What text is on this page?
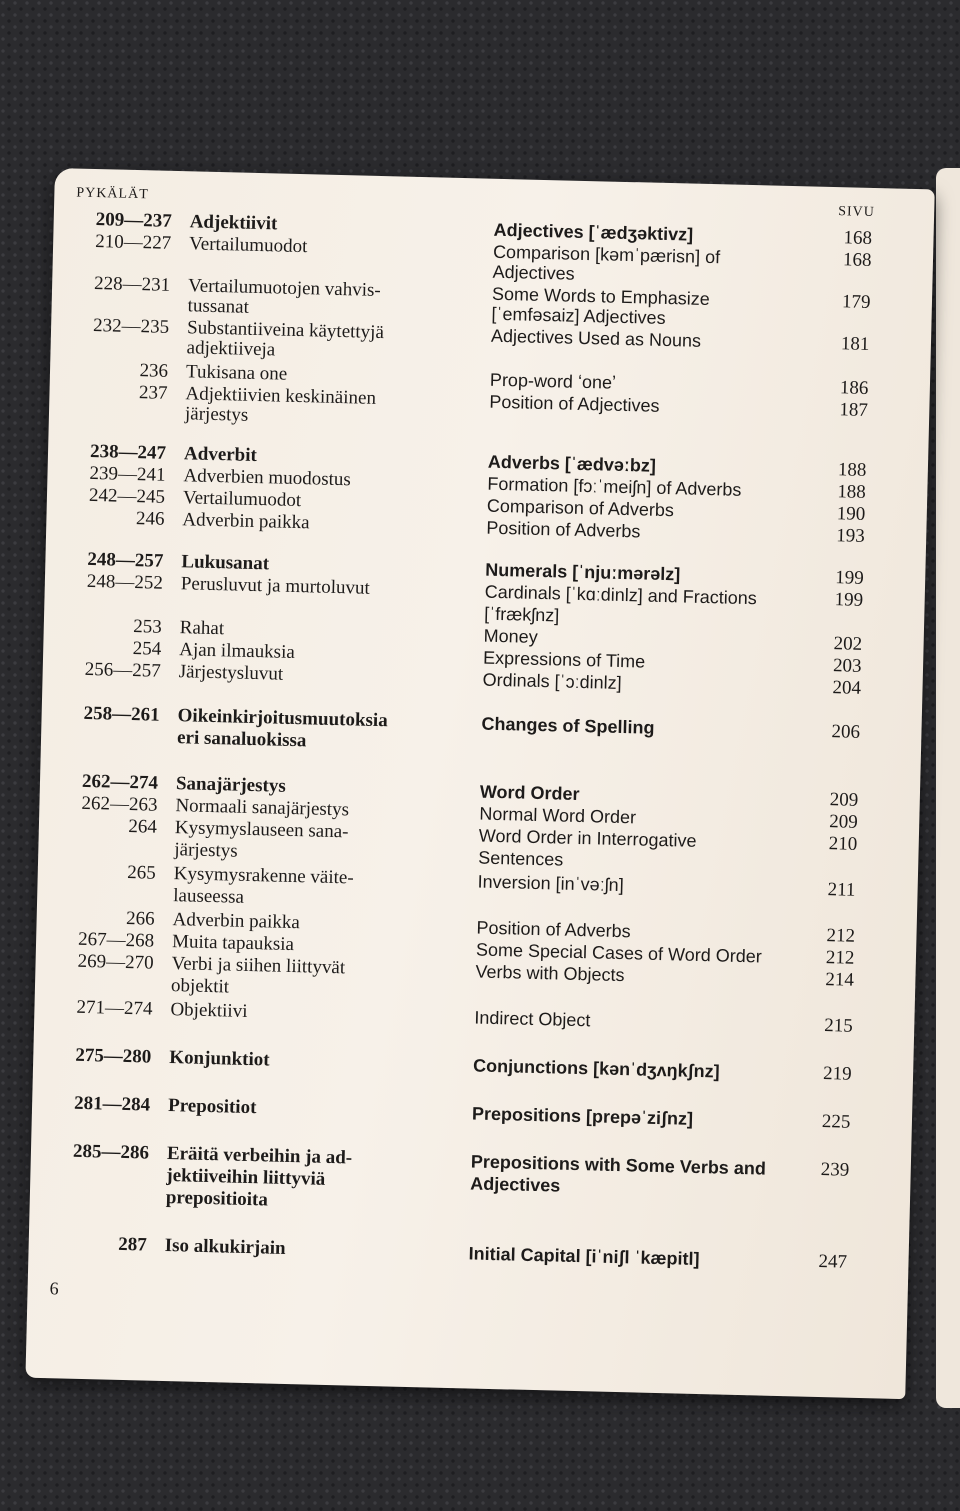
PYKÄLÄT
SIVU
209—237 Adjektiivit	Adjectives [ˈædʒəktivz]	168
210—227 Vertailumuodot	Comparison [kəmˈpærisn] of	168
Adjectives
228—231 Vertailumuotojen vahvis-	Some Words to Emphasize	179
tussanat	[ˈemfəsaiz] Adjectives
232—235 Substantiiveina käytettyjä	Adjectives Used as Nouns	181
adjektiiveja
236 Tukisana one	Prop-word ʻoneʼ	186
237 Adjektiivien keskinäinen	Position of Adjectives	187
järjestys
238—247 Adverbit	Adverbs [ˈædvəːbz]	188
239—241 Adverbien muodostus	Formation [fɔːˈmeiʃn] of Adverbs	188
242—245 Vertailumuodot	Comparison of Adverbs	190
246 Adverbin paikka	Position of Adverbs	193
248—257 Lukusanat	Numerals [ˈnjuːmərəlz]	199
248—252 Perusluvut ja murtoluvut	Cardinals [ˈkɑːdinlz] and Fractions	199
[ˈfrækʃnz]
253 Rahat	Money	202
254 Ajan ilmauksia	Expressions of Time	203
256—257 Järjestysluvut	Ordinals [ˈɔːdinlz]	204
258—261 Oikeinkirjoitusmuutoksia	Changes of Spelling	206
eri sanaluokissa
262—274 Sanajärjestys	Word Order	209
262—263 Normaali sanajärjestys	Normal Word Order	209
264 Kysymyslauseen sana-	Word Order in Interrogative	210
järjestys	Sentences
265 Kysymysrakenne väite-	Inversion [inˈvəːʃn]	211
lauseessa
266 Adverbin paikka	Position of Adverbs	212
267—268 Muita tapauksia	Some Special Cases of Word Order	212
269—270 Verbi ja siihen liittyvät	Verbs with Objects	214
objektit
271—274 Objektiivi	Indirect Object	215
275—280 Konjunktiot	Conjunctions [kənˈdʒʌŋkʃnz]	219
281—284 Prepositiot	Prepositions [prepəˈziʃnz]	225
285—286 Eräitä verbeihin ja ad-	Prepositions with Some Verbs and	239
jektiiveihin liittyviä	Adjectives
prepositioita
287 Iso alkukirjain	Initial Capital [iˈniʃl ˈkæpitl]	247
6
